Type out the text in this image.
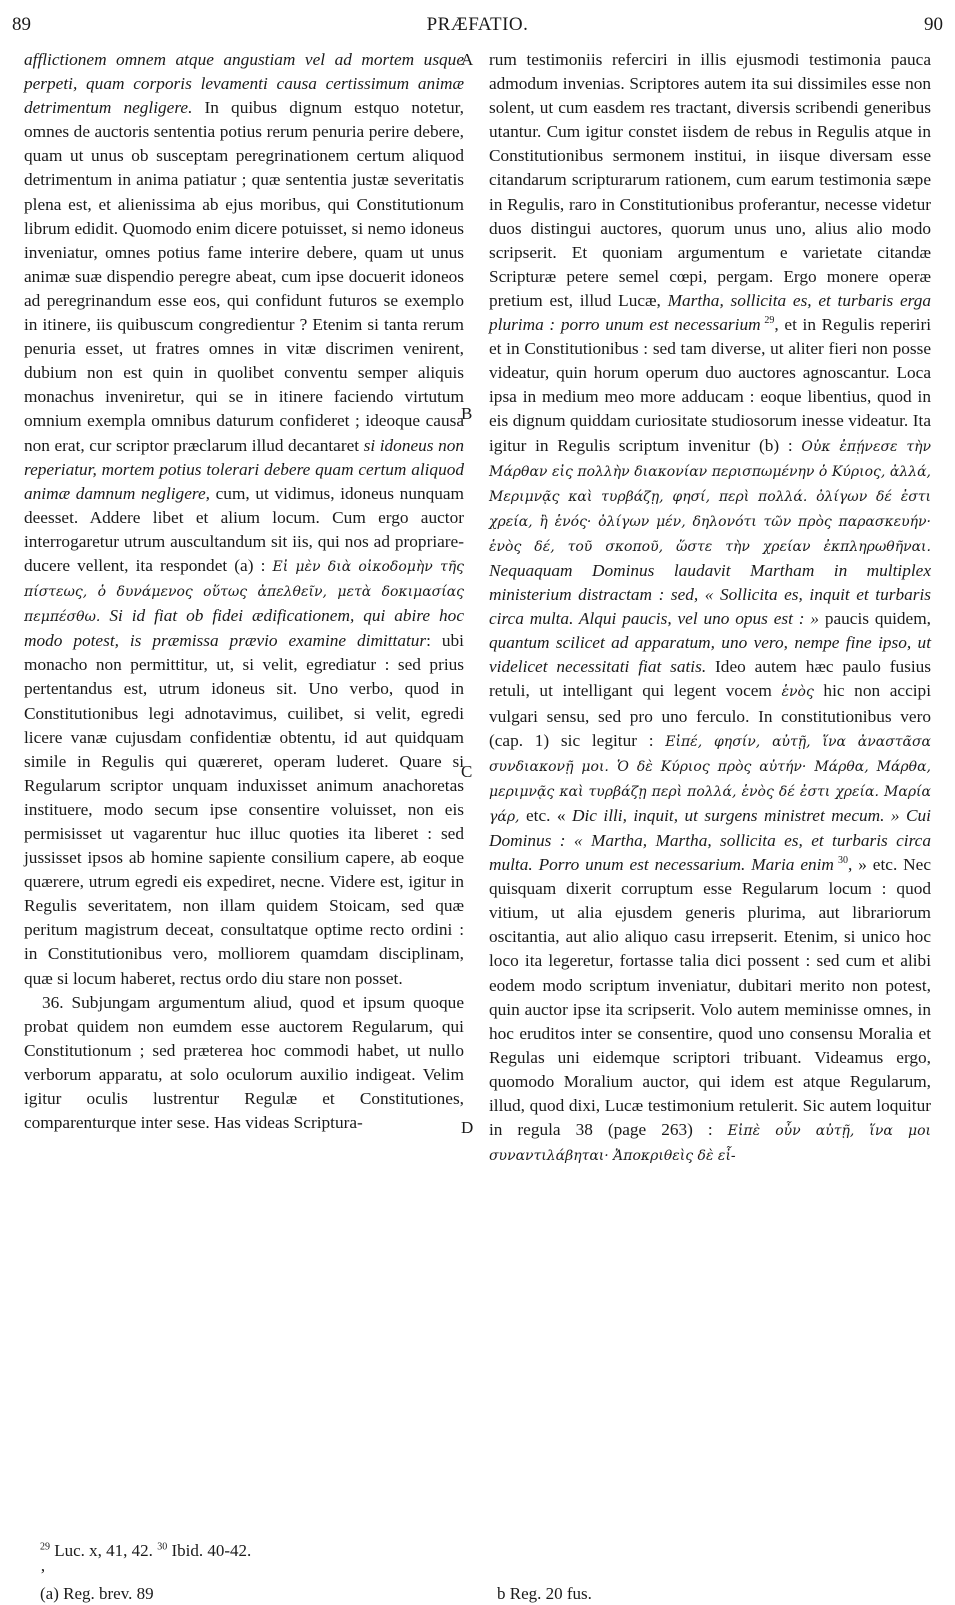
89	PRÆFATIO.	90
A
B
C
D

afflictionem omnem atque angustiam vel ad mortem usque perpeti, quam corporis levamenti causa certissimum animæ detrimentum negligere. In quibus dignum estquo notetur, omnes de auctoris sententia potius rerum penuria perire debere, quam ut unus ob susceptam peregrinationem certum aliquod detrimentum in anima patiatur ; quæ sententia justæ severitatis plena est, et alienissima ab ejus moribus, qui Constitutionum librum edidit. Quomodo enim dicere potuisset, si nemo idoneus inveniatur, omnes potius fame interire debere, quam ut unus animæ suæ dispendio peregre abeat, cum ipse docuerit idoneos ad peregrinandum esse eos, qui confidunt futuros se exemplo in itinere, iis quibuscum congredientur ? Etenim si tanta rerum penuria esset, ut fratres omnes in vitæ discrimen venirent, dubium non est quin in quolibet conventu semper aliquis monachus inveniretur, qui se in itinere faciendo virtutum omnium exempla omnibus daturum confideret ; ideoque causa non erat, cur scriptor præclarum illud decantaret si idoneus non reperiatur, mortem potius tolerari debere quam certum aliquod animæ damnum negligere, cum, ut vidimus, idoneus nunquam deesset. Addere libet et alium locum. Cum ergo auctor interrogaretur utrum auscultandum sit iis, qui nos ad propriareducere vellent, ita respondet (a) : Εἰ μὲν διὰ οἰκοδομὴν τῆς πίστεως, ὁ δυνάμενος οὕτως ἀπελθεῖν, μετὰ δοκιμασίας πεμπέσθω. Si id fiat ob fidei ædificationem, qui abire hoc modo potest, is præmissa prævio examine dimittatur: ubi monacho non permittitur, ut, si velit, egrediatur : sed prius pertentandus est, utrum idoneus sit. Uno verbo, quod in Constitutionibus legi adnotavimus, cuilibet, si velit, egredi licere vanæ cujusdam confidentiæ obtentu, id aut quidquam simile in Regulis qui quæreret, operam luderet. Quare si Regularum scriptor unquam induxisset animum anachoretas instituere, modo secum ipse consentire voluisset, non eis permisisset ut vagarentur huc illuc quoties ita liberet : sed jussisset ipsos ab homine sapiente consilium capere, ab eoque quærere, utrum egredi eis expediret, necne. Videre est, igitur in Regulis severitatem, non illam quidem Stoicam, sed quæ peritum magistrum deceat, consultatque optime recto ordini : in Constitutionibus vero, molliorem quamdam disciplinam, quæ si locum haberet, rectus ordo diu stare non posset.

36. Subjungam argumentum aliud, quod et ipsum quoque probat quidem non eumdem esse auctorem Regularum, qui Constitutionum ; sed præterea hoc commodi habet, ut nullo verborum apparatu, at solo oculorum auxilio indigeat. Velim igitur oculis lustrentur Regulæ et Constitutiones, comparenturque inter sese. Has videas Scriptura-

rum testimoniis referciri in illis ejusmodi testimonia pauca admodum invenias. Scriptores autem ita sui dissimiles esse non solent, ut cum easdem res tractant, diversis scribendi generibus utantur. Cum igitur constet iisdem de rebus in Regulis atque in Constitutionibus sermonem institui, in iisque diversam esse citandarum scripturarum rationem, cum earum testimonia sæpe in Regulis, raro in Constitutionibus proferantur, necesse videtur duos distingui auctores, quorum unus uno, alius alio modo scripserit. Et quoniam argumentum e varietate citandæ Scripturæ petere semel cœpi, pergam. Ergo monere operæ pretium est, illud Lucæ, Martha, sollicita es, et turbaris erga plurima : porro unum est necessarium $^{29}$, et in Regulis reperiri et in Constitutionibus : sed tam diverse, ut aliter fieri non posse videatur, quin horum operum duo auctores agnoscantur. Loca ipsa in medium meo more adducam : eoque libentius, quod in eis dignum quiddam curiositate studiosorum inesse videatur. Ita igitur in Regulis scriptum invenitur (b) : Οὐκ ἐπῄνεσε τὴν Μάρθαν εἰς πολλὴν διακονίαν περισπωμένην ὁ Κύριος, ἀλλά, Μεριμνᾷς καὶ τυρβάζῃ, φησί, περὶ πολλά. ὀλίγων δέ ἐστι χρεία, ἢ ἑνός· ὀλίγων μέν, δηλονότι τῶν πρὸς παρασκευήν· ἑνὸς δέ, τοῦ σκοποῦ, ὥστε τὴν χρείαν ἐκπληρωθῆναι. Nequaquam Dominus laudavit Martham in multiplex ministerium distractam : sed, « Sollicita es, inquit et turbaris circa multa. Alqui paucis, vel uno opus est : » paucis quidem, quantum scilicet ad apparatum, uno vero, nempe fine ipso, ut videlicet necessitati fiat satis. Ideo autem hæc paulo fusius retuli, ut intelligant qui legent vocem ἑνὸς hic non accipi vulgari sensu, sed pro uno ferculo. In constitutionibus vero (cap. 1) sic legitur : Εἰπέ, φησίν, αὐτῇ, ἵνα ἀναστᾶσα συνδιακονῇ μοι. Ὁ δὲ Κύριος πρὸς αὐτήν· Μάρθα, Μάρθα, μεριμνᾷς καὶ τυρβάζῃ περὶ πολλά, ἑνὸς δέ ἐστι χρεία. Μαρία γάρ, etc. « Dic illi, inquit, ut surgens ministret mecum. » Cui Dominus : « Martha, Martha, sollicita es, et turbaris circa multa. Porro unum est necessarium. Maria enim $^{30}$, » etc. Nec quisquam dixerit corruptum esse Regularum locum : quod vitium, ut alia ejusdem generis plurima, aut librariorum oscitantia, aut alio aliquo casu irrepserit. Etenim, si unico hoc loco ita legeretur, fortasse talia dici possent : sed cum et alibi eodem modo scriptum inveniatur, dubitari merito non potest, quin auctor ipse ita scripserit. Volo autem meminisse omnes, in hoc eruditos inter se consentire, quod uno consensu Moralia et Regulas uni eidemque scriptori tribuant. Videamus ergo, quomodo Moralium auctor, qui idem est atque Regularum, illud, quod dixi, Lucæ testimonium retulerit. Sic autem loquitur in regula 38 (page 263) : Εἰπὲ οὖν αὐτῇ, ἵνα μοι συναντιλάβηται· Ἀποκριθεὶς δὲ εἶ-

$^{29}$ Luc. x, 41, 42. $^{30}$ Ibid. 40-42.
’
(a) Reg. brev. 89	b Reg. 20 fus.
